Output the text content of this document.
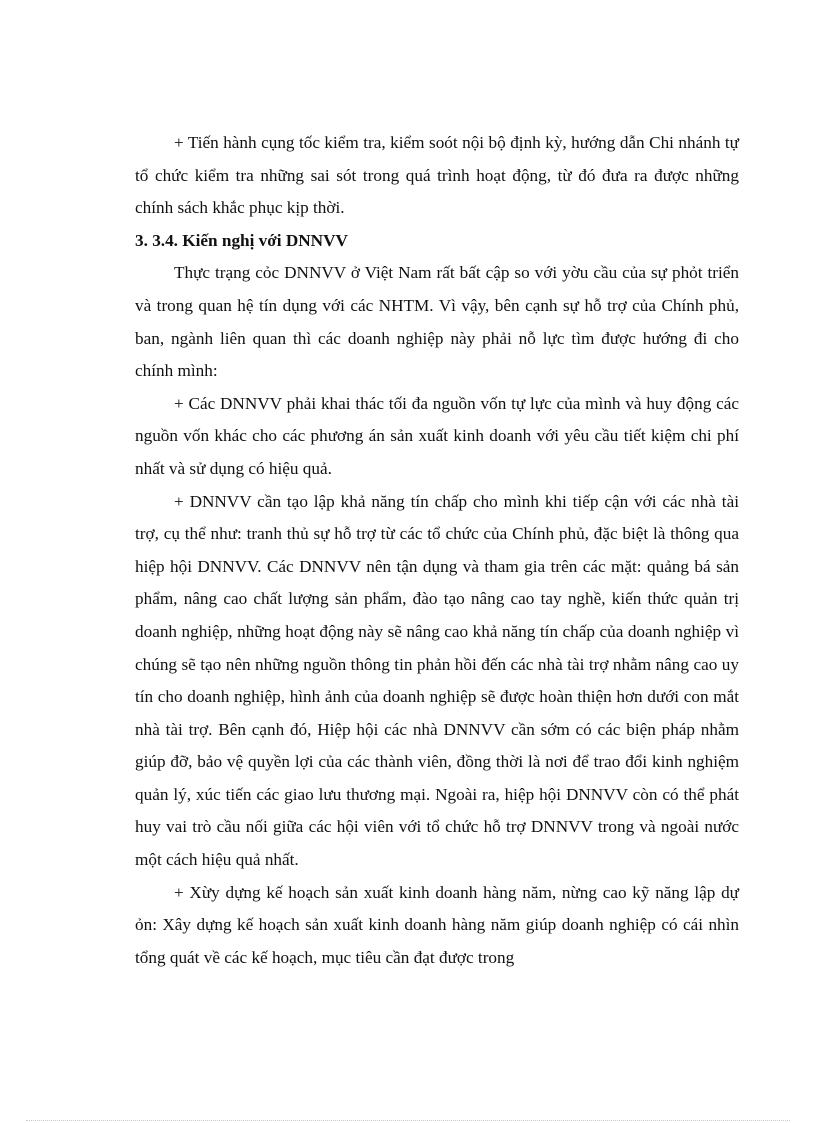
+ Tiến hành cụng tốc kiểm tra, kiểm soót nội bộ định kỳ, hướng dẫn Chi nhánh tự tổ chức kiểm tra những sai sót trong quá trình hoạt động, từ đó đưa ra được những chính sách khắc phục kịp thời.

3. 3.4. Kiến nghị với DNNVV

Thực trạng cỏc DNNVV ở Việt Nam rất bất cập so với yờu cầu của sự phỏt triển và trong quan hệ tín dụng với các NHTM. Vì vậy, bên cạnh sự hỗ trợ của Chính phủ, ban, ngành liên quan thì các doanh nghiệp này phải nỗ lực tìm được hướng đi cho chính mình:

+ Các DNNVV phải khai thác tối đa nguồn vốn tự lực của mình và huy động các nguồn vốn khác cho các phương án sản xuất kinh doanh với yêu cầu tiết kiệm chi phí nhất và sử dụng có hiệu quả.

+ DNNVV cần tạo lập khả năng tín chấp cho mình khi tiếp cận với các nhà tài trợ, cụ thể như: tranh thủ sự hỗ trợ từ các tổ chức của Chính phủ, đặc biệt là thông qua hiệp hội DNNVV. Các DNNVV nên tận dụng và tham gia trên các mặt: quảng bá sản phẩm, nâng cao chất lượng sản phẩm, đào tạo nâng cao tay nghề, kiến thức quản trị doanh nghiệp, những hoạt động này sẽ nâng cao khả năng tín chấp của doanh nghiệp vì chúng sẽ tạo nên những nguồn thông tin phản hồi đến các nhà tài trợ nhằm nâng cao uy tín cho doanh nghiệp, hình ảnh của doanh nghiệp sẽ được hoàn thiện hơn dưới con mắt nhà tài trợ. Bên cạnh đó, Hiệp hội các nhà DNNVV cần sớm có các biện pháp nhằm giúp đỡ, bảo vệ quyền lợi của các thành viên, đồng thời là nơi để trao đổi kinh nghiệm quản lý, xúc tiến các giao lưu thương mại. Ngoài ra, hiệp hội DNNVV còn có thể phát huy vai trò cầu nối giữa các hội viên với tổ chức hỗ trợ DNNVV trong và ngoài nước một cách hiệu quả nhất.

+ Xừy dựng kế hoạch sản xuất kinh doanh hàng năm, nừng cao kỹ năng lập dự ỏn: Xây dựng kế hoạch sản xuất kinh doanh hàng năm giúp doanh nghiệp có cái nhìn tổng quát về các kế hoạch, mục tiêu cần đạt được trong
